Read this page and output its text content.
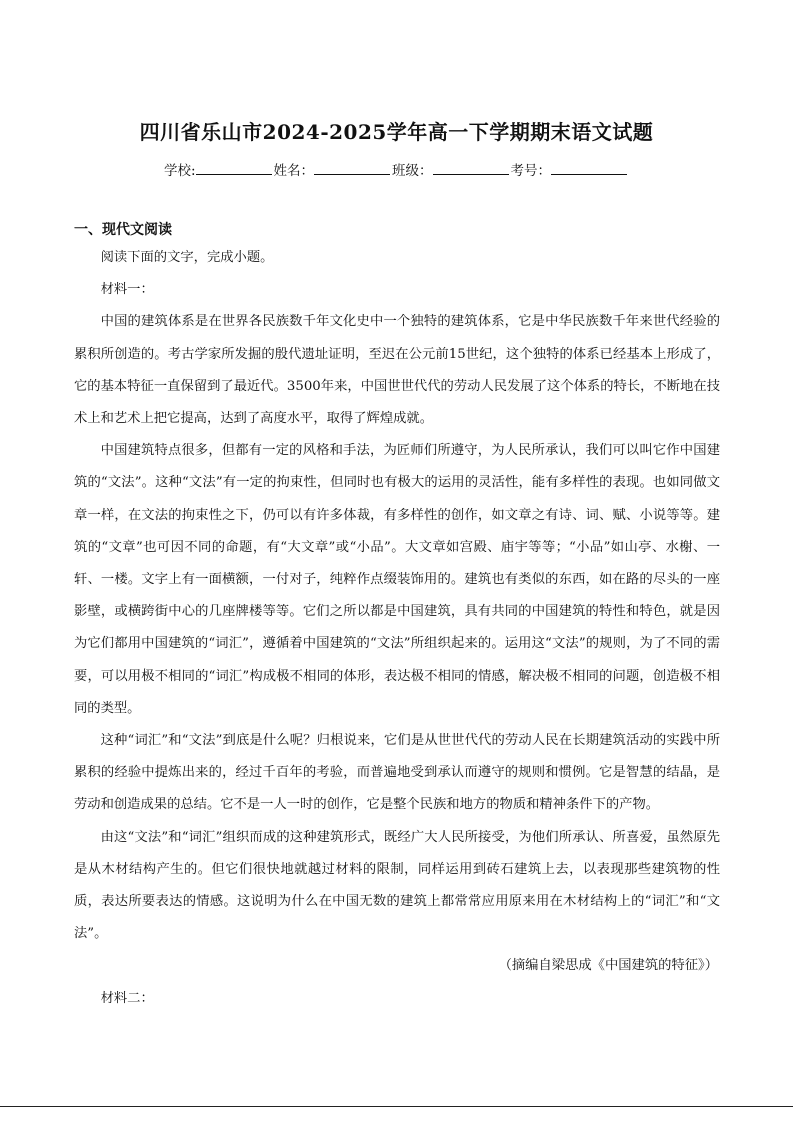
四川省乐山市2024-2025学年高一下学期期末语文试题
学校:	姓名：	班级：	考号：
一、现代文阅读

阅读下面的文字，完成小题。

材料一：

中国的建筑体系是在世界各民族数千年文化史中一个独特的建筑体系，它是中华民族数千年来世代经验的累积所创造的。考古学家所发掘的殷代遗址证明，至迟在公元前15世纪，这个独特的体系已经基本上形成了，它的基本特征一直保留到了最近代。3500年来，中国世世代代的劳动人民发展了这个体系的特长，不断地在技术上和艺术上把它提高，达到了高度水平，取得了辉煌成就。

中国建筑特点很多，但都有一定的风格和手法，为匠师们所遵守，为人民所承认，我们可以叫它作中国建筑的“文法”。这种“文法”有一定的拘束性，但同时也有极大的运用的灵活性，能有多样性的表现。也如同做文章一样，在文法的拘束性之下，仍可以有许多体裁，有多样性的创作，如文章之有诗、词、赋、小说等等。建筑的“文章”也可因不同的命题，有“大文章”或“小品”。大文章如宫殿、庙宇等等；“小品”如山亭、水榭、一轩、一楼。文字上有一面横额，一付对子，纯粹作点缀装饰用的。建筑也有类似的东西，如在路的尽头的一座影壁，或横跨街中心的几座牌楼等等。它们之所以都是中国建筑，具有共同的中国建筑的特性和特色，就是因为它们都用中国建筑的“词汇”，遵循着中国建筑的“文法”所组织起来的。运用这“文法”的规则，为了不同的需要，可以用极不相同的“词汇”构成极不相同的体形，表达极不相同的情感，解决极不相同的问题，创造极不相同的类型。

这种“词汇”和“文法”到底是什么呢？归根说来，它们是从世世代代的劳动人民在长期建筑活动的实践中所累积的经验中提炼出来的，经过千百年的考验，而普遍地受到承认而遵守的规则和惯例。它是智慧的结晶，是劳动和创造成果的总结。它不是一人一时的创作，它是整个民族和地方的物质和精神条件下的产物。

由这“文法”和“词汇”组织而成的这种建筑形式，既经广大人民所接受，为他们所承认、所喜爱，虽然原先是从木材结构产生的。但它们很快地就越过材料的限制，同样运用到砖石建筑上去，以表现那些建筑物的性质，表达所要表达的情感。这说明为什么在中国无数的建筑上都常常应用原来用在木材结构上的“词汇”和“文法”。

（摘编自梁思成《中国建筑的特征》）

材料二：
